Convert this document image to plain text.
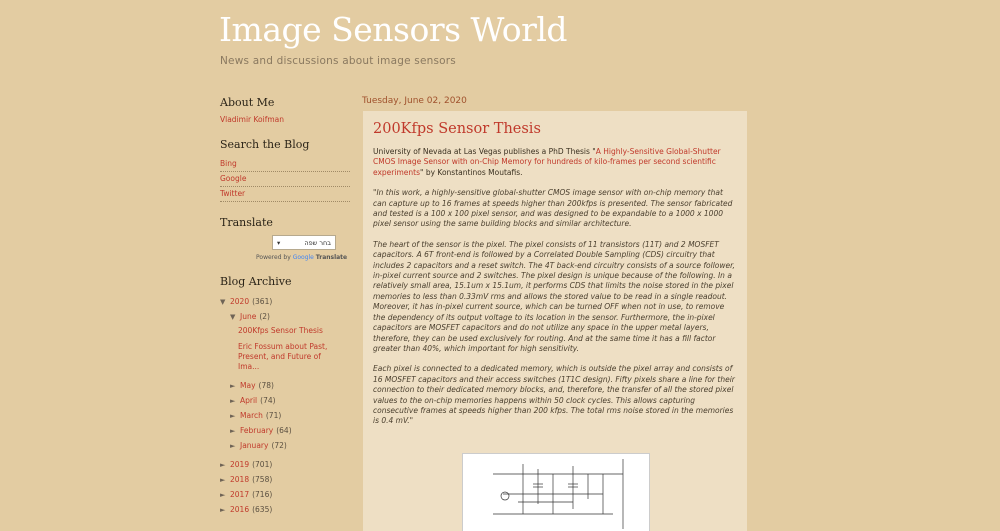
Image Sensors World
News and discussions about image sensors
About Me
Vladimir Koifman
Search the Blog
Bing
Google
Twitter
Translate
▾	בחר שפה
Powered by Google Translate
Blog Archive
▼ 2020 (361)
▼ June (2)
200Kfps Sensor Thesis
Eric Fossum about Past, Present, and Future of Ima...
► May (78)
► April (74)
► March (71)
► February (64)
► January (72)
► 2019 (701)
► 2018 (758)
► 2017 (716)
► 2016 (635)
Tuesday, June 02, 2020
200Kfps Sensor Thesis

University of Nevada at Las Vegas publishes a PhD Thesis "A Highly-Sensitive Global-Shutter CMOS Image Sensor with on-Chip Memory for hundreds of kilo-frames per second scientific experiments" by Konstantinos Moutafis.

"In this work, a highly-sensitive global-shutter CMOS image sensor with on-chip memory that can capture up to 16 frames at speeds higher than 200kfps is presented. The sensor fabricated and tested is a 100 x 100 pixel sensor, and was designed to be expandable to a 1000 x 1000 pixel sensor using the same building blocks and similar architecture.

The heart of the sensor is the pixel. The pixel consists of 11 transistors (11T) and 2 MOSFET capacitors. A 6T front-end is followed by a Correlated Double Sampling (CDS) circuitry that includes 2 capacitors and a reset switch. The 4T back-end circuitry consists of a source follower, in-pixel current source and 2 switches. The pixel design is unique because of the following. In a relatively small area, 15.1um x 15.1um, it performs CDS that limits the noise stored in the pixel memories to less than 0.33mV rms and allows the stored value to be read in a single readout. Moreover, it has in-pixel current source, which can be turned OFF when not in use, to remove the dependency of its output voltage to its location in the sensor. Furthermore, the in-pixel capacitors are MOSFET capacitors and do not utilize any space in the upper metal layers, therefore, they can be used exclusively for routing. And at the same time it has a fill factor greater than 40%, which important for high sensitivity.

Each pixel is connected to a dedicated memory, which is outside the pixel array and consists of 16 MOSFET capacitors and their access switches (1T1C design). Fifty pixels share a line for their connection to their dedicated memory blocks, and, therefore, the transfer of all the stored pixel values to the on-chip memories happens within 50 clock cycles. This allows capturing consecutive frames at speeds higher than 200 kfps. The total rms noise stored in the memories is 0.4 mV."
